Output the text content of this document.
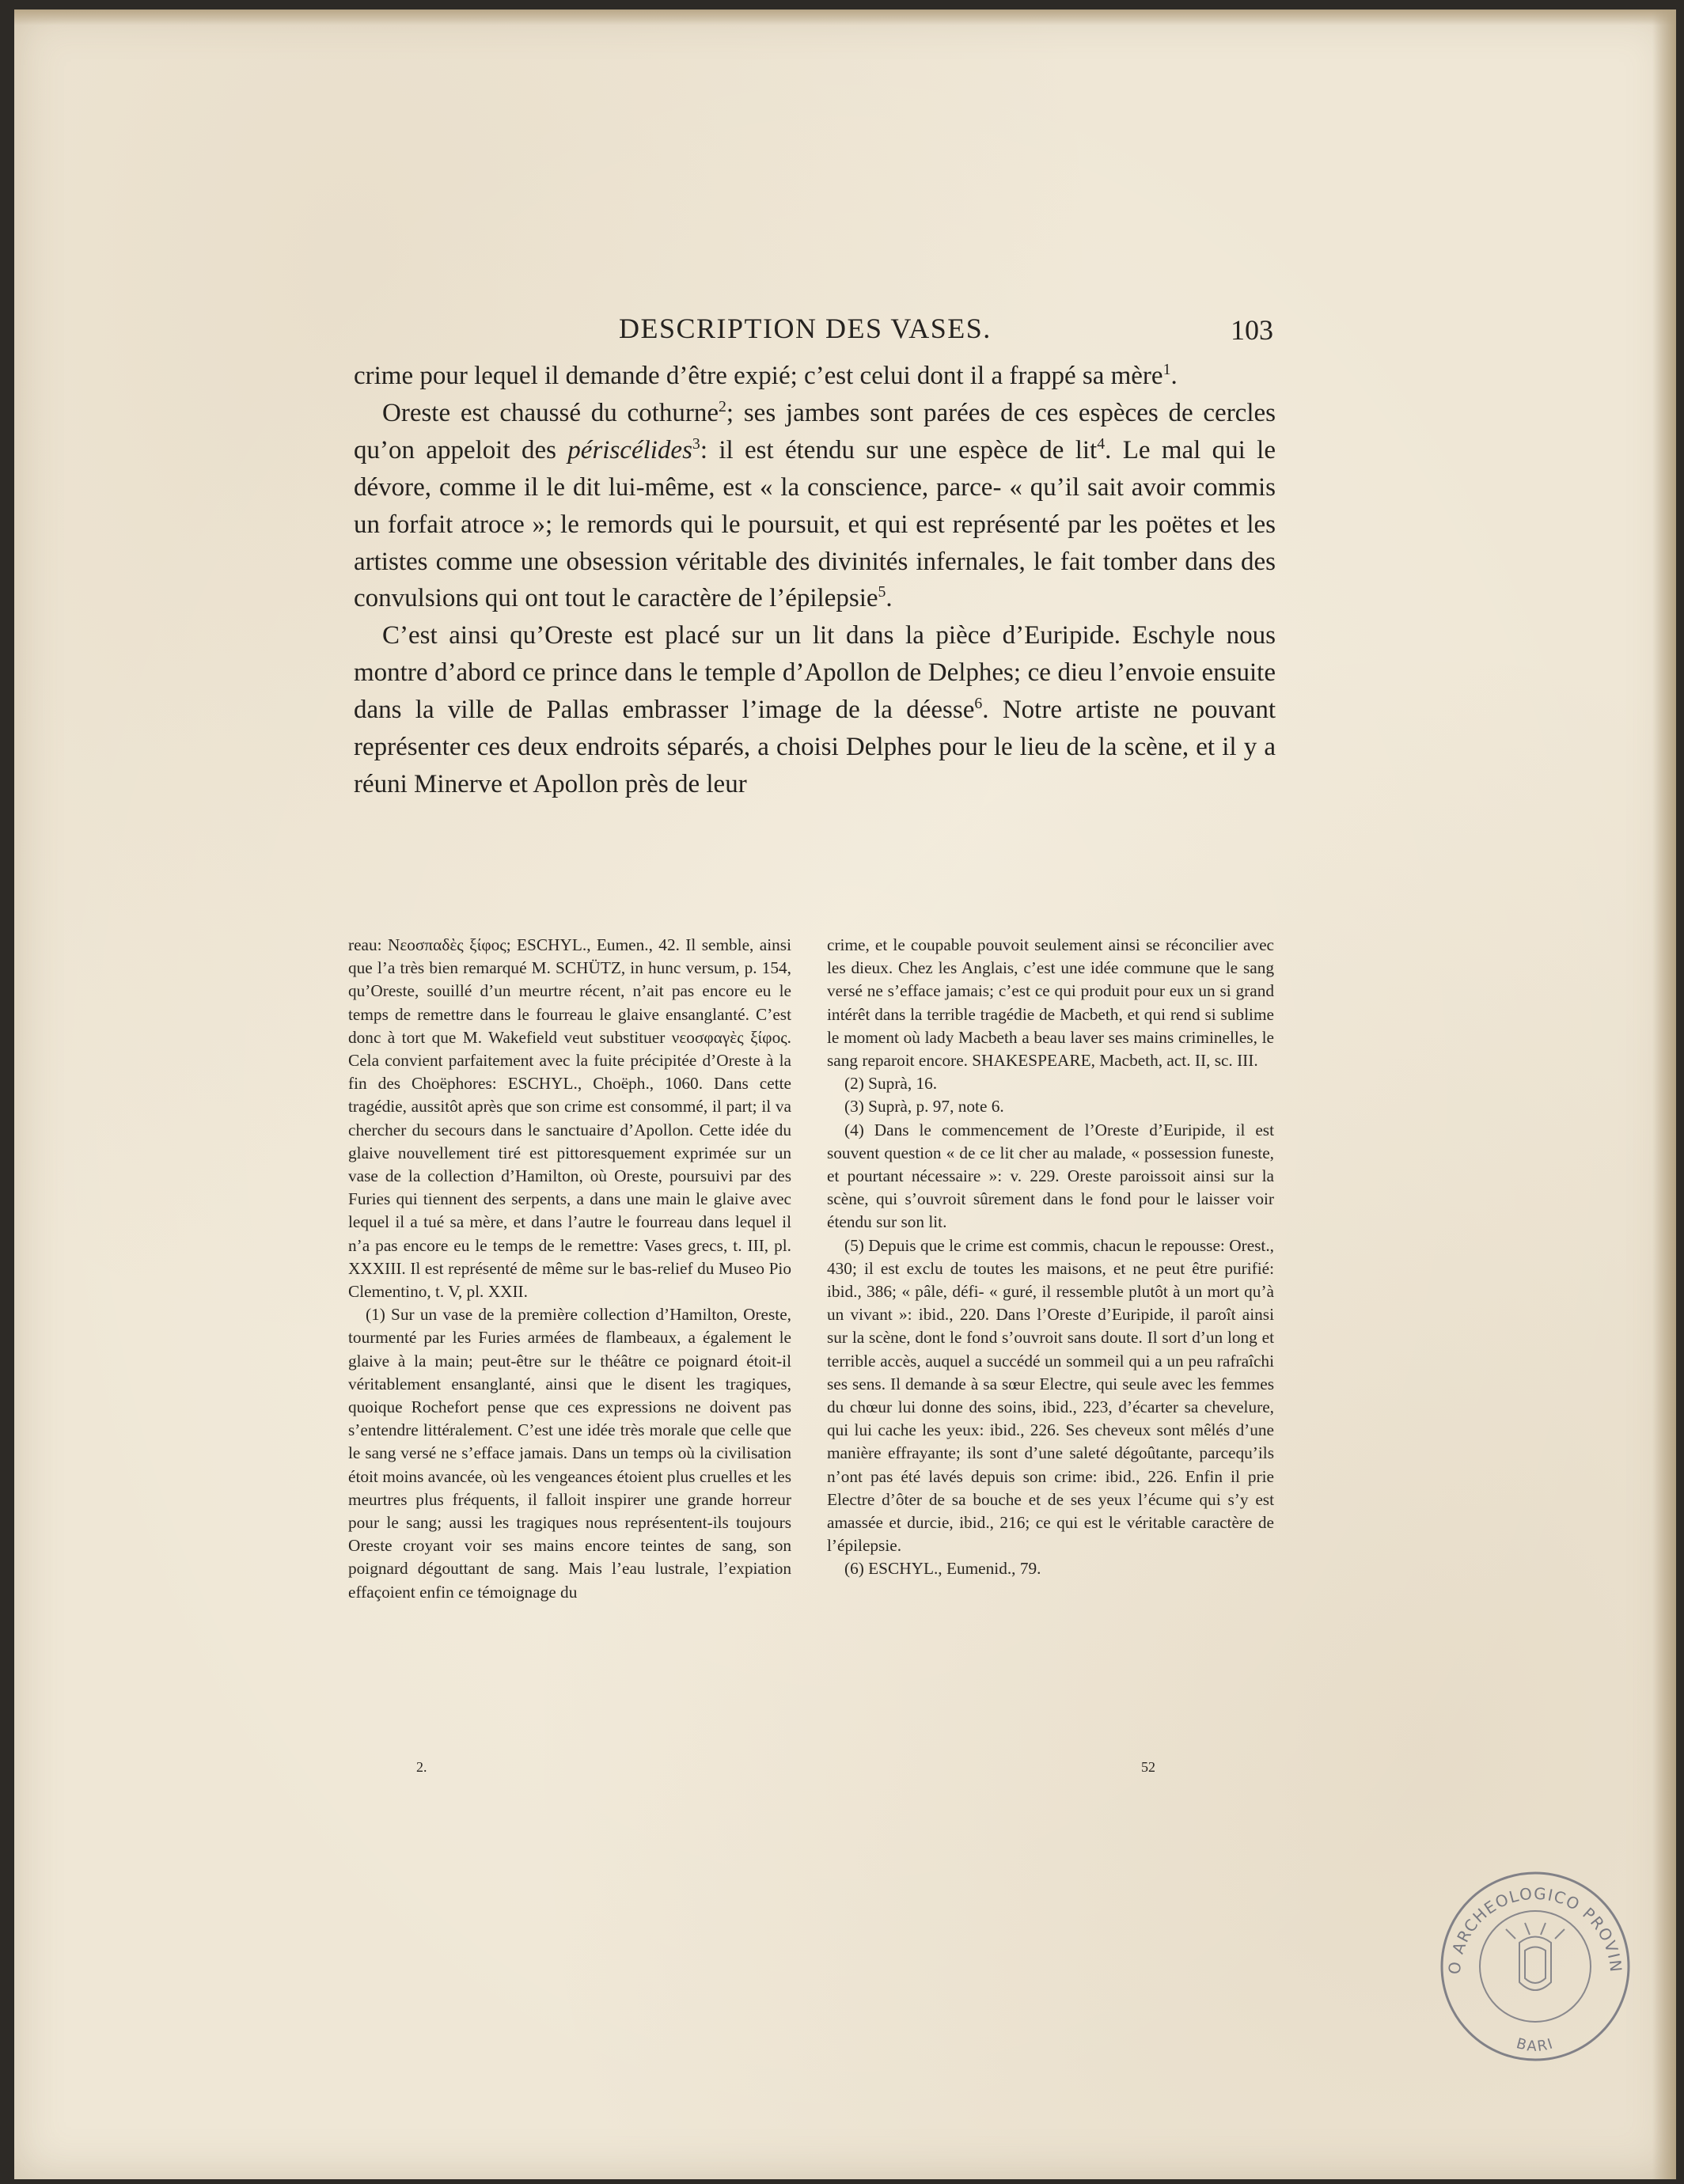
DESCRIPTION DES VASES.	103

crime pour lequel il demande d’être expié; c’est celui dont il a frappé sa mère$^1$.

Oreste est chaussé du cothurne$^2$; ses jambes sont parées de ces espèces de cercles qu’on appeloit des périscélides$^3$: il est étendu sur une espèce de lit$^4$. Le mal qui le dévore, comme il le dit lui-même, est « la conscience, parce- « qu’il sait avoir commis un forfait atroce »; le remords qui le poursuit, et qui est représenté par les poëtes et les artistes comme une obsession véritable des divinités infernales, le fait tomber dans des convulsions qui ont tout le caractère de l’épilepsie$^5$.

C’est ainsi qu’Oreste est placé sur un lit dans la pièce d’Euripide. Eschyle nous montre d’abord ce prince dans le temple d’Apollon de Delphes; ce dieu l’envoie ensuite dans la ville de Pallas embrasser l’image de la déesse$^6$. Notre artiste ne pouvant représenter ces deux endroits séparés, a choisi Delphes pour le lieu de la scène, et il y a réuni Minerve et Apollon près de leur

reau: Νεοσπαδὲς ξίφος; ESCHYL., Eumen., 42. Il semble, ainsi que l’a très bien remarqué M. SCHÜTZ, in hunc versum, p. 154, qu’Oreste, souillé d’un meurtre récent, n’ait pas encore eu le temps de remettre dans le fourreau le glaive ensanglanté. C’est donc à tort que M. Wakefield veut substituer νεοσφαγὲς ξίφος. Cela convient parfaitement avec la fuite précipitée d’Oreste à la fin des Choëphores: ESCHYL., Choëph., 1060. Dans cette tragédie, aussitôt après que son crime est consommé, il part; il va chercher du secours dans le sanctuaire d’Apollon. Cette idée du glaive nouvellement tiré est pittoresquement exprimée sur un vase de la collection d’Hamilton, où Oreste, poursuivi par des Furies qui tiennent des serpents, a dans une main le glaive avec lequel il a tué sa mère, et dans l’autre le fourreau dans lequel il n’a pas encore eu le temps de le remettre: Vases grecs, t. III, pl. XXXIII. Il est représenté de même sur le bas-relief du Museo Pio Clementino, t. V, pl. XXII.

(1) Sur un vase de la première collection d’Hamilton, Oreste, tourmenté par les Furies armées de flambeaux, a également le glaive à la main; peut-être sur le théâtre ce poignard étoit-il véritablement ensanglanté, ainsi que le disent les tragiques, quoique Rochefort pense que ces expressions ne doivent pas s’entendre littéralement. C’est une idée très morale que celle que le sang versé ne s’efface jamais. Dans un temps où la civilisation étoit moins avancée, où les vengeances étoient plus cruelles et les meurtres plus fréquents, il falloit inspirer une grande horreur pour le sang; aussi les tragiques nous représentent-ils toujours Oreste croyant voir ses mains encore teintes de sang, son poignard dégouttant de sang. Mais l’eau lustrale, l’expiation effaçoient enfin ce témoignage du

crime, et le coupable pouvoit seulement ainsi se réconcilier avec les dieux. Chez les Anglais, c’est une idée commune que le sang versé ne s’efface jamais; c’est ce qui produit pour eux un si grand intérêt dans la terrible tragédie de Macbeth, et qui rend si sublime le moment où lady Macbeth a beau laver ses mains criminelles, le sang reparoit encore. SHAKESPEARE, Macbeth, act. II, sc. III.

(2) Suprà, 16.

(3) Suprà, p. 97, note 6.

(4) Dans le commencement de l’Oreste d’Euripide, il est souvent question « de ce lit cher au malade, « possession funeste, et pourtant nécessaire »: v. 229. Oreste paroissoit ainsi sur la scène, qui s’ouvroit sûrement dans le fond pour le laisser voir étendu sur son lit.

(5) Depuis que le crime est commis, chacun le repousse: Orest., 430; il est exclu de toutes les maisons, et ne peut être purifié: ibid., 386; « pâle, défi- « guré, il ressemble plutôt à un mort qu’à un vivant »: ibid., 220. Dans l’Oreste d’Euripide, il paroît ainsi sur la scène, dont le fond s’ouvroit sans doute. Il sort d’un long et terrible accès, auquel a succédé un sommeil qui a un peu rafraîchi ses sens. Il demande à sa sœur Electre, qui seule avec les femmes du chœur lui donne des soins, ibid., 223, d’écarter sa chevelure, qui lui cache les yeux: ibid., 226. Ses cheveux sont mêlés d’une manière effrayante; ils sont d’une saleté dégoûtante, parcequ’ils n’ont pas été lavés depuis son crime: ibid., 226. Enfin il prie Electre d’ôter de sa bouche et de ses yeux l’écume qui s’y est amassée et durcie, ibid., 216; ce qui est le véritable caractère de l’épilepsie.

(6) ESCHYL., Eumenid., 79.

2.	52
O ARCHEOLOGICO PROVIN
BARI
